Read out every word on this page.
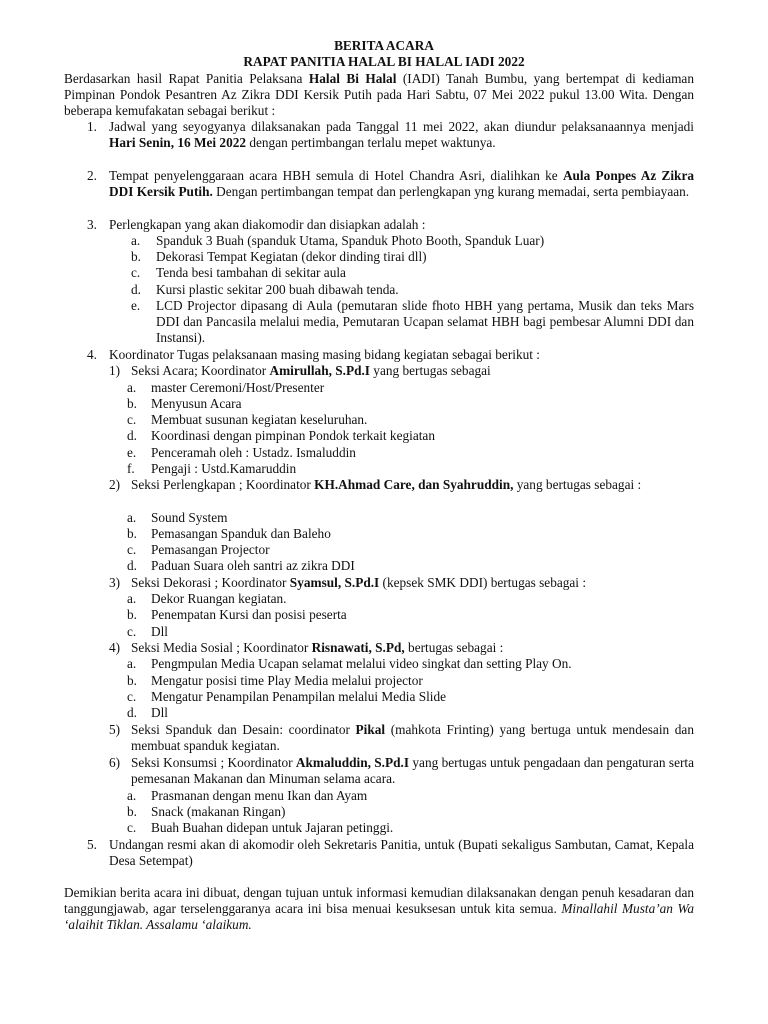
BERITA ACARA
RAPAT PANITIA HALAL BI HALAL IADI 2022
Berdasarkan hasil Rapat Panitia Pelaksana Halal Bi Halal (IADI) Tanah Bumbu, yang bertempat di kediaman Pimpinan Pondok Pesantren Az Zikra DDI Kersik Putih pada Hari Sabtu, 07 Mei 2022 pukul 13.00 Wita. Dengan beberapa kemufakatan sebagai berikut :
1. Jadwal yang seyogyanya dilaksanakan pada Tanggal 11 mei 2022, akan diundur pelaksanaannya menjadi Hari Senin, 16 Mei 2022 dengan pertimbangan terlalu mepet waktunya.
2. Tempat penyelenggaraan acara HBH semula di Hotel Chandra Asri, dialihkan ke Aula Ponpes Az Zikra DDI Kersik Putih. Dengan pertimbangan tempat dan perlengkapan yng kurang memadai, serta pembiayaan.
3. Perlengkapan yang akan diakomodir dan disiapkan adalah :
a. Spanduk 3 Buah (spanduk Utama, Spanduk Photo Booth, Spanduk Luar)
b. Dekorasi Tempat Kegiatan (dekor dinding tirai dll)
c. Tenda besi tambahan di sekitar aula
d. Kursi plastic sekitar 200 buah dibawah tenda.
e. LCD Projector dipasang di Aula (pemutaran slide fhoto HBH yang pertama, Musik dan teks Mars DDI dan Pancasila melalui media, Pemutaran Ucapan selamat HBH bagi pembesar Alumni DDI dan Instansi).
4. Koordinator Tugas pelaksanaan masing masing bidang kegiatan sebagai berikut :
1) Seksi Acara; Koordinator Amirullah, S.Pd.I yang bertugas sebagai
a. master Ceremoni/Host/Presenter
b. Menyusun Acara
c. Membuat susunan kegiatan keseluruhan.
d. Koordinasi dengan pimpinan Pondok terkait kegiatan
e. Penceramah oleh : Ustadz. Ismaluddin
f. Pengaji : Ustd.Kamaruddin
2) Seksi Perlengkapan ; Koordinator KH.Ahmad Care, dan Syahruddin, yang bertugas sebagai :
a. Sound System
b. Pemasangan Spanduk dan Baleho
c. Pemasangan Projector
d. Paduan Suara oleh santri az zikra DDI
3) Seksi Dekorasi ; Koordinator Syamsul, S.Pd.I (kepsek SMK DDI) bertugas sebagai :
a. Dekor Ruangan kegiatan.
b. Penempatan Kursi dan posisi peserta
c. Dll
4) Seksi Media Sosial ; Koordinator Risnawati, S.Pd, bertugas sebagai :
a. Pengmpulan Media Ucapan selamat melalui video singkat dan setting Play On.
b. Mengatur posisi time Play Media melalui projector
c. Mengatur Penampilan Penampilan melalui Media Slide
d. Dll
5) Seksi Spanduk dan Desain: coordinator Pikal (mahkota Frinting) yang bertuga untuk mendesain dan membuat spanduk kegiatan.
6) Seksi Konsumsi ; Koordinator Akmaluddin, S.Pd.I yang bertugas untuk pengadaan dan pengaturan serta pemesanan Makanan dan Minuman selama acara.
a. Prasmanan dengan menu Ikan dan Ayam
b. Snack (makanan Ringan)
c. Buah Buahan didepan untuk Jajaran petinggi.
5. Undangan resmi akan di akomodir oleh Sekretaris Panitia, untuk (Bupati sekaligus Sambutan, Camat, Kepala Desa Setempat)
Demikian berita acara ini dibuat, dengan tujuan untuk informasi kemudian dilaksanakan dengan penuh kesadaran dan tanggungjawab, agar terselenggaranya acara ini bisa menuai kesuksesan untuk kita semua. Minallahil Musta’an Wa ‘alaihit Tiklan. Assalamu ‘alaikum.
